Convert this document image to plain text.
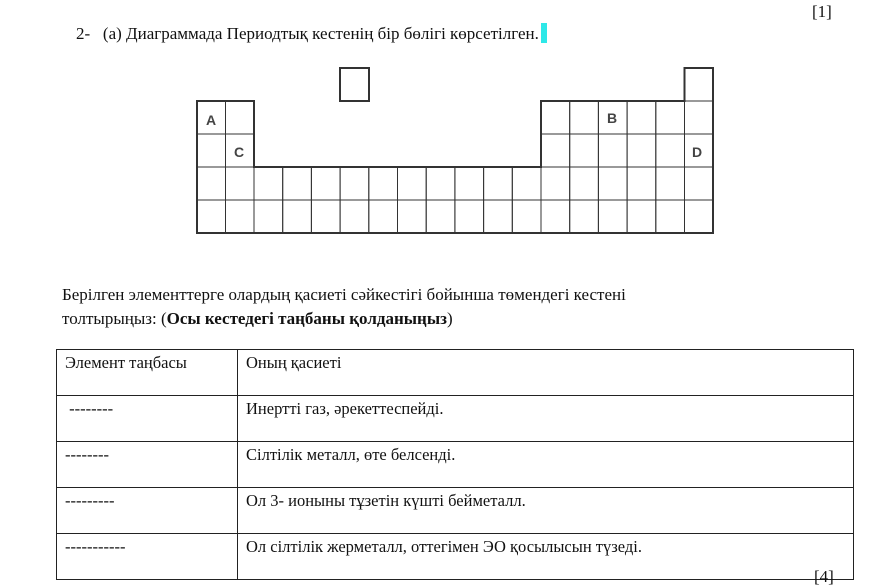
[1]
2- (a) Диаграммада Периодтық кестенің бір бөлігі көрсетілген.
A	B
C	D
Берілген элементтерге олардың қасиеті сәйкестігі бойынша төмендегі кестені
толтырыңыз: (Осы кестедегі таңбаны қолданыңыз)
Элемент таңбасы	Оның қасиеті
--------	Инертті газ, әрекеттеспейді.
--------	Сілтілік металл, өте белсенді.
---------	Ол 3- ионыны тұзетін күшті бейметалл.
-----------	Ол сілтілік жерметалл, оттегімен ЭО қосылысын түзеді.
[4]
